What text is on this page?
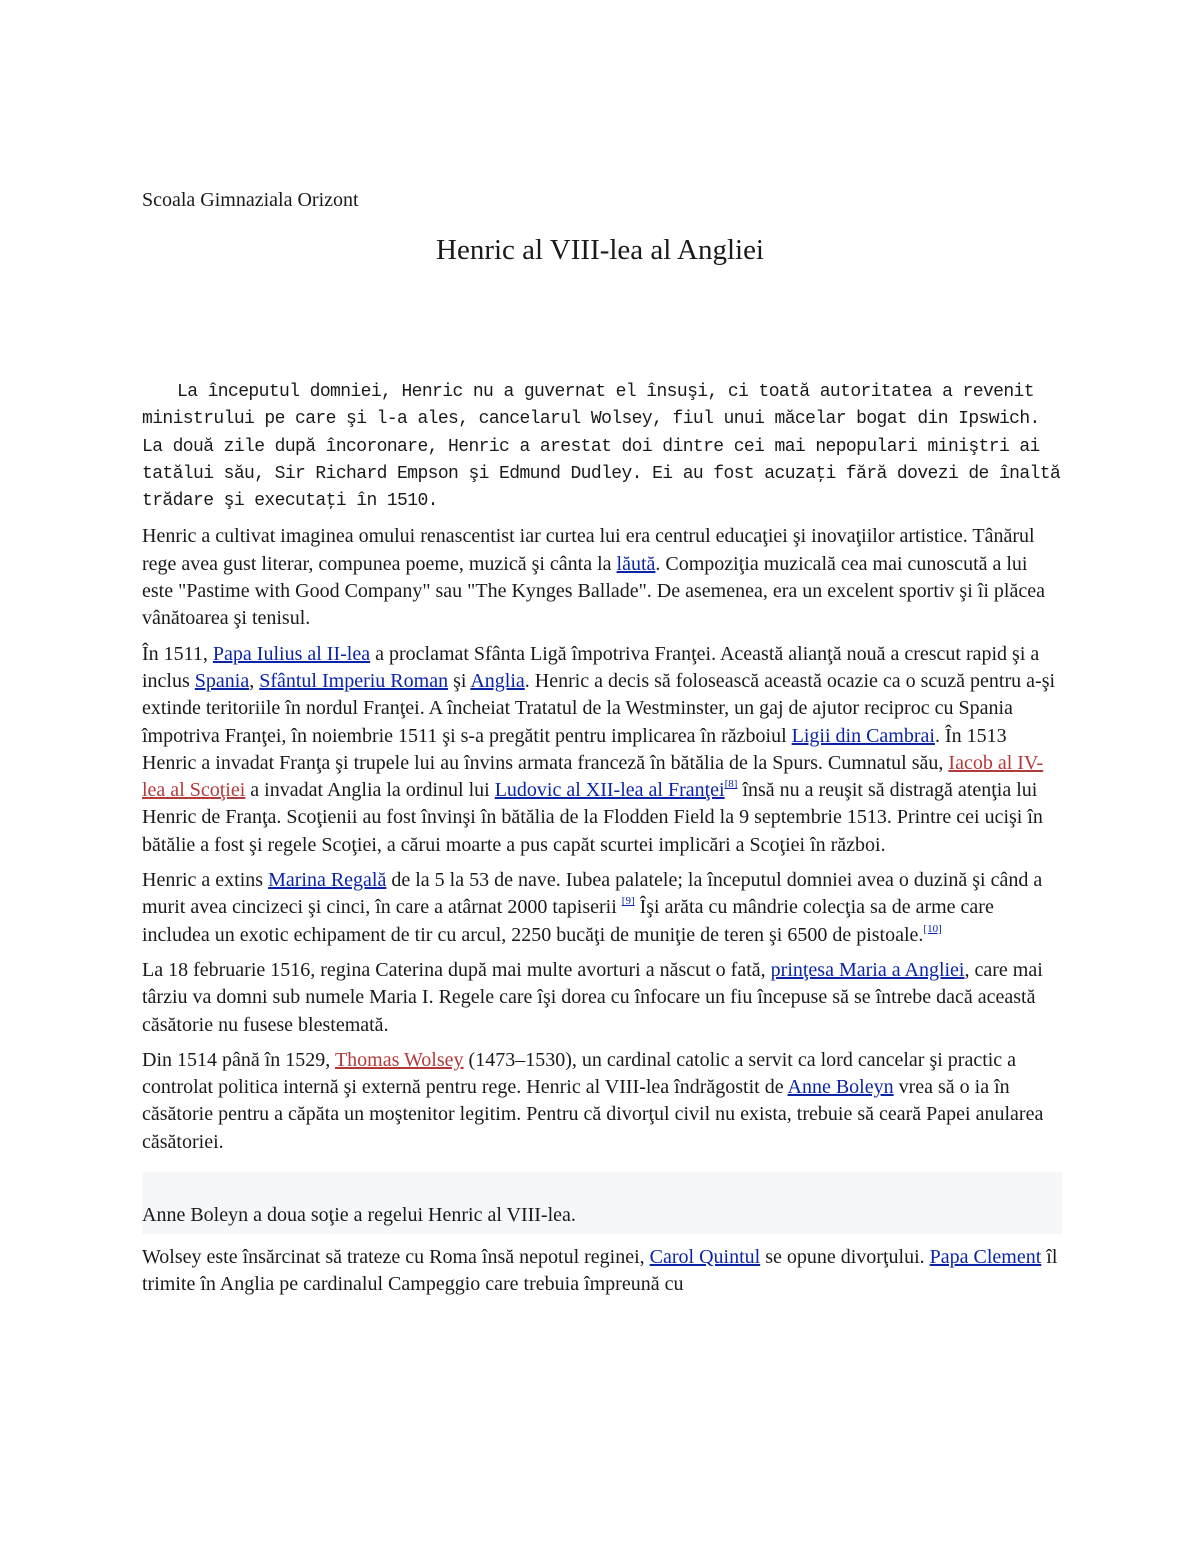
Scoala Gimnaziala Orizont

Henric al VIII-lea al Angliei

La începutul domniei, Henric nu a guvernat el însuşi, ci toată autoritatea a revenit ministrului pe care şi l-a ales, cancelarul Wolsey, fiul unui măcelar bogat din Ipswich.

La două zile după încoronare, Henric a arestat doi dintre cei mai nepopulari miniştri ai tatălui său, Sir Richard Empson şi Edmund Dudley. Ei au fost acuzaţi fără dovezi de înaltă trădare şi executaţi în 1510.

Henric a cultivat imaginea omului renascentist iar curtea lui era centrul educaţiei şi inovaţiilor artistice. Tânărul rege avea gust literar, compunea poeme, muzică şi cânta la lăută. Compoziţia muzicală cea mai cunoscută a lui este "Pastime with Good Company" sau "The Kynges Ballade". De asemenea, era un excelent sportiv şi îi plăcea vânătoarea şi tenisul.

În 1511, Papa Iulius al II-lea a proclamat Sfânta Ligă împotriva Franţei. Această alianţă nouă a crescut rapid şi a inclus Spania, Sfântul Imperiu Roman şi Anglia. Henric a decis să folosească această ocazie ca o scuză pentru a-şi extinde teritoriile în nordul Franţei. A încheiat Tratatul de la Westminster, un gaj de ajutor reciproc cu Spania împotriva Franţei, în noiembrie 1511 şi s-a pregătit pentru implicarea în războiul Ligii din Cambrai. În 1513 Henric a invadat Franţa şi trupele lui au învins armata franceză în bătălia de la Spurs. Cumnatul său, Iacob al IV-lea al Scoţiei a invadat Anglia la ordinul lui Ludovic al XII-lea al Franţei[8] însă nu a reuşit să distragă atenţia lui Henric de Franţa. Scoţienii au fost învinşi în bătălia de la Flodden Field la 9 septembrie 1513. Printre cei ucişi în bătălie a fost şi regele Scoţiei, a cărui moarte a pus capăt scurtei implicări a Scoţiei în război.

Henric a extins Marina Regală de la 5 la 53 de nave. Iubea palatele; la începutul domniei avea o duzină şi când a murit avea cincizeci şi cinci, în care a atârnat 2000 tapiserii [9] Îşi arăta cu mândrie colecţia sa de arme care includea un exotic echipament de tir cu arcul, 2250 bucăţi de muniţie de teren şi 6500 de pistoale.[10]

La 18 februarie 1516, regina Caterina după mai multe avorturi a născut o fată, prinţesa Maria a Angliei, care mai târziu va domni sub numele Maria I. Regele care îşi dorea cu înfocare un fiu începuse să se întrebe dacă această căsătorie nu fusese blestemată.

Din 1514 până în 1529, Thomas Wolsey (1473–1530), un cardinal catolic a servit ca lord cancelar şi practic a controlat politica internă şi externă pentru rege. Henric al VIII-lea îndrăgostit de Anne Boleyn vrea să o ia în căsătorie pentru a căpăta un moştenitor legitim. Pentru că divorţul civil nu exista, trebuie să ceară Papei anularea căsătoriei.

Anne Boleyn a doua soţie a regelui Henric al VIII-lea.

Wolsey este însărcinat să trateze cu Roma însă nepotul reginei, Carol Quintul se opune divorţului. Papa Clement îl trimite în Anglia pe cardinalul Campeggio care trebuia împreună cu
